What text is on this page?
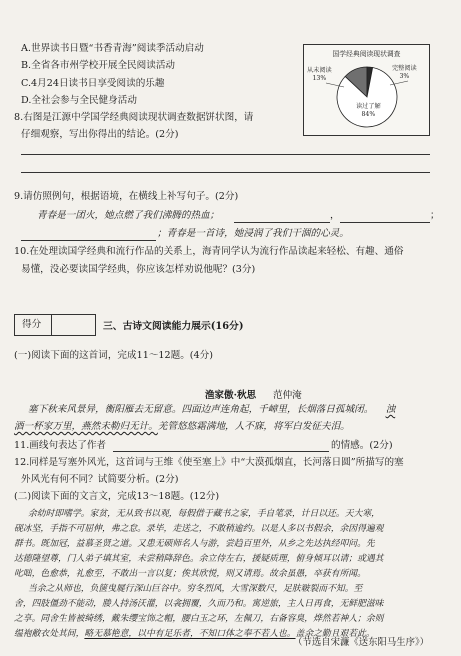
A.世界读书日暨“书香青海”阅读季活动启动
B.全省各市州学校开展全民阅读活动
C.4月24日读书日享受阅读的乐趣
D.全社会参与全民健身活动
8.右图是江源中学国学经典阅读现状调查数据饼状图，请
仔细观察，写出你得出的结论。(2分)
国学经典阅读现状调查
从未阅读
13%
完整阅读
3%
读过了解
84%
9.请仿照例句，根据语境，在横线上补写句子。(2分)
青春是一团火，她点燃了我们沸腾的热血；	，	；
；青春是一首诗，她浸润了我们干涸的心灵。
10.在处理读国学经典和流行作品的关系上，海青同学认为流行作品读起来轻松、有趣、通俗
易懂，没必要读国学经典，你应该怎样劝说他呢？(3分)
得分	三、古诗文阅读能力展示(16分)
(一)阅读下面的这首词，完成11～12题。(4分)
渔家傲·秋思	范仲淹
塞下秋来风景异，衡阳雁去无留意。四面边声连角起，千嶂里，长烟落日孤城闭。 浊
酒一杯家万里，燕然未勒归无计。羌管悠悠霜满地，人不寐，将军白发征夫泪。
11.画线句表达了作者	的情感。(2分)
12.同样是写塞外风光，这首词与王维《使至塞上》中“大漠孤烟直，长河落日圆”所描写的塞
外风光有何不同？试简要分析。(2分)
(二)阅读下面的文言文，完成13～18题。(12分)
余幼时即嗜学。家贫，无从致书以观，每假借于藏书之家，手自笔录，计日以还。天大寒，
砚冰坚，手指不可屈伸，弗之怠。录毕，走送之，不敢稍逾约。以是人多以书假余，余因得遍观
群书。既加冠，益慕圣贤之道。又患无硕师名人与游，尝趋百里外，从乡之先达执经叩问。先
达德隆望尊，门人弟子填其室，未尝稍降辞色。余立侍左右，援疑质理，俯身倾耳以请；或遇其
叱咄，色愈恭，礼愈至，不敢出一言以复；俟其欣悦，则又请焉。故余虽愚，卒获有所闻。
当余之从师也，负箧曳屣行深山巨谷中。穷冬烈风，大雪深数尺，足肤皲裂而不知。至
舍，四肢僵劲不能动，媵人持汤沃灌，以衾拥覆，久而乃和。寓逆旅，主人日再食，无鲜肥滋味
之享。同舍生皆被绮绣，戴朱缨宝饰之帽，腰白玉之环，左佩刀，右备容臭，烨然若神人；余则
缊袍敝衣处其间，略无慕艳意，以中有足乐者，不知口体之奉不若人也。盖余之勤且艰若此。
（节选自宋濂《送东阳马生序》）
